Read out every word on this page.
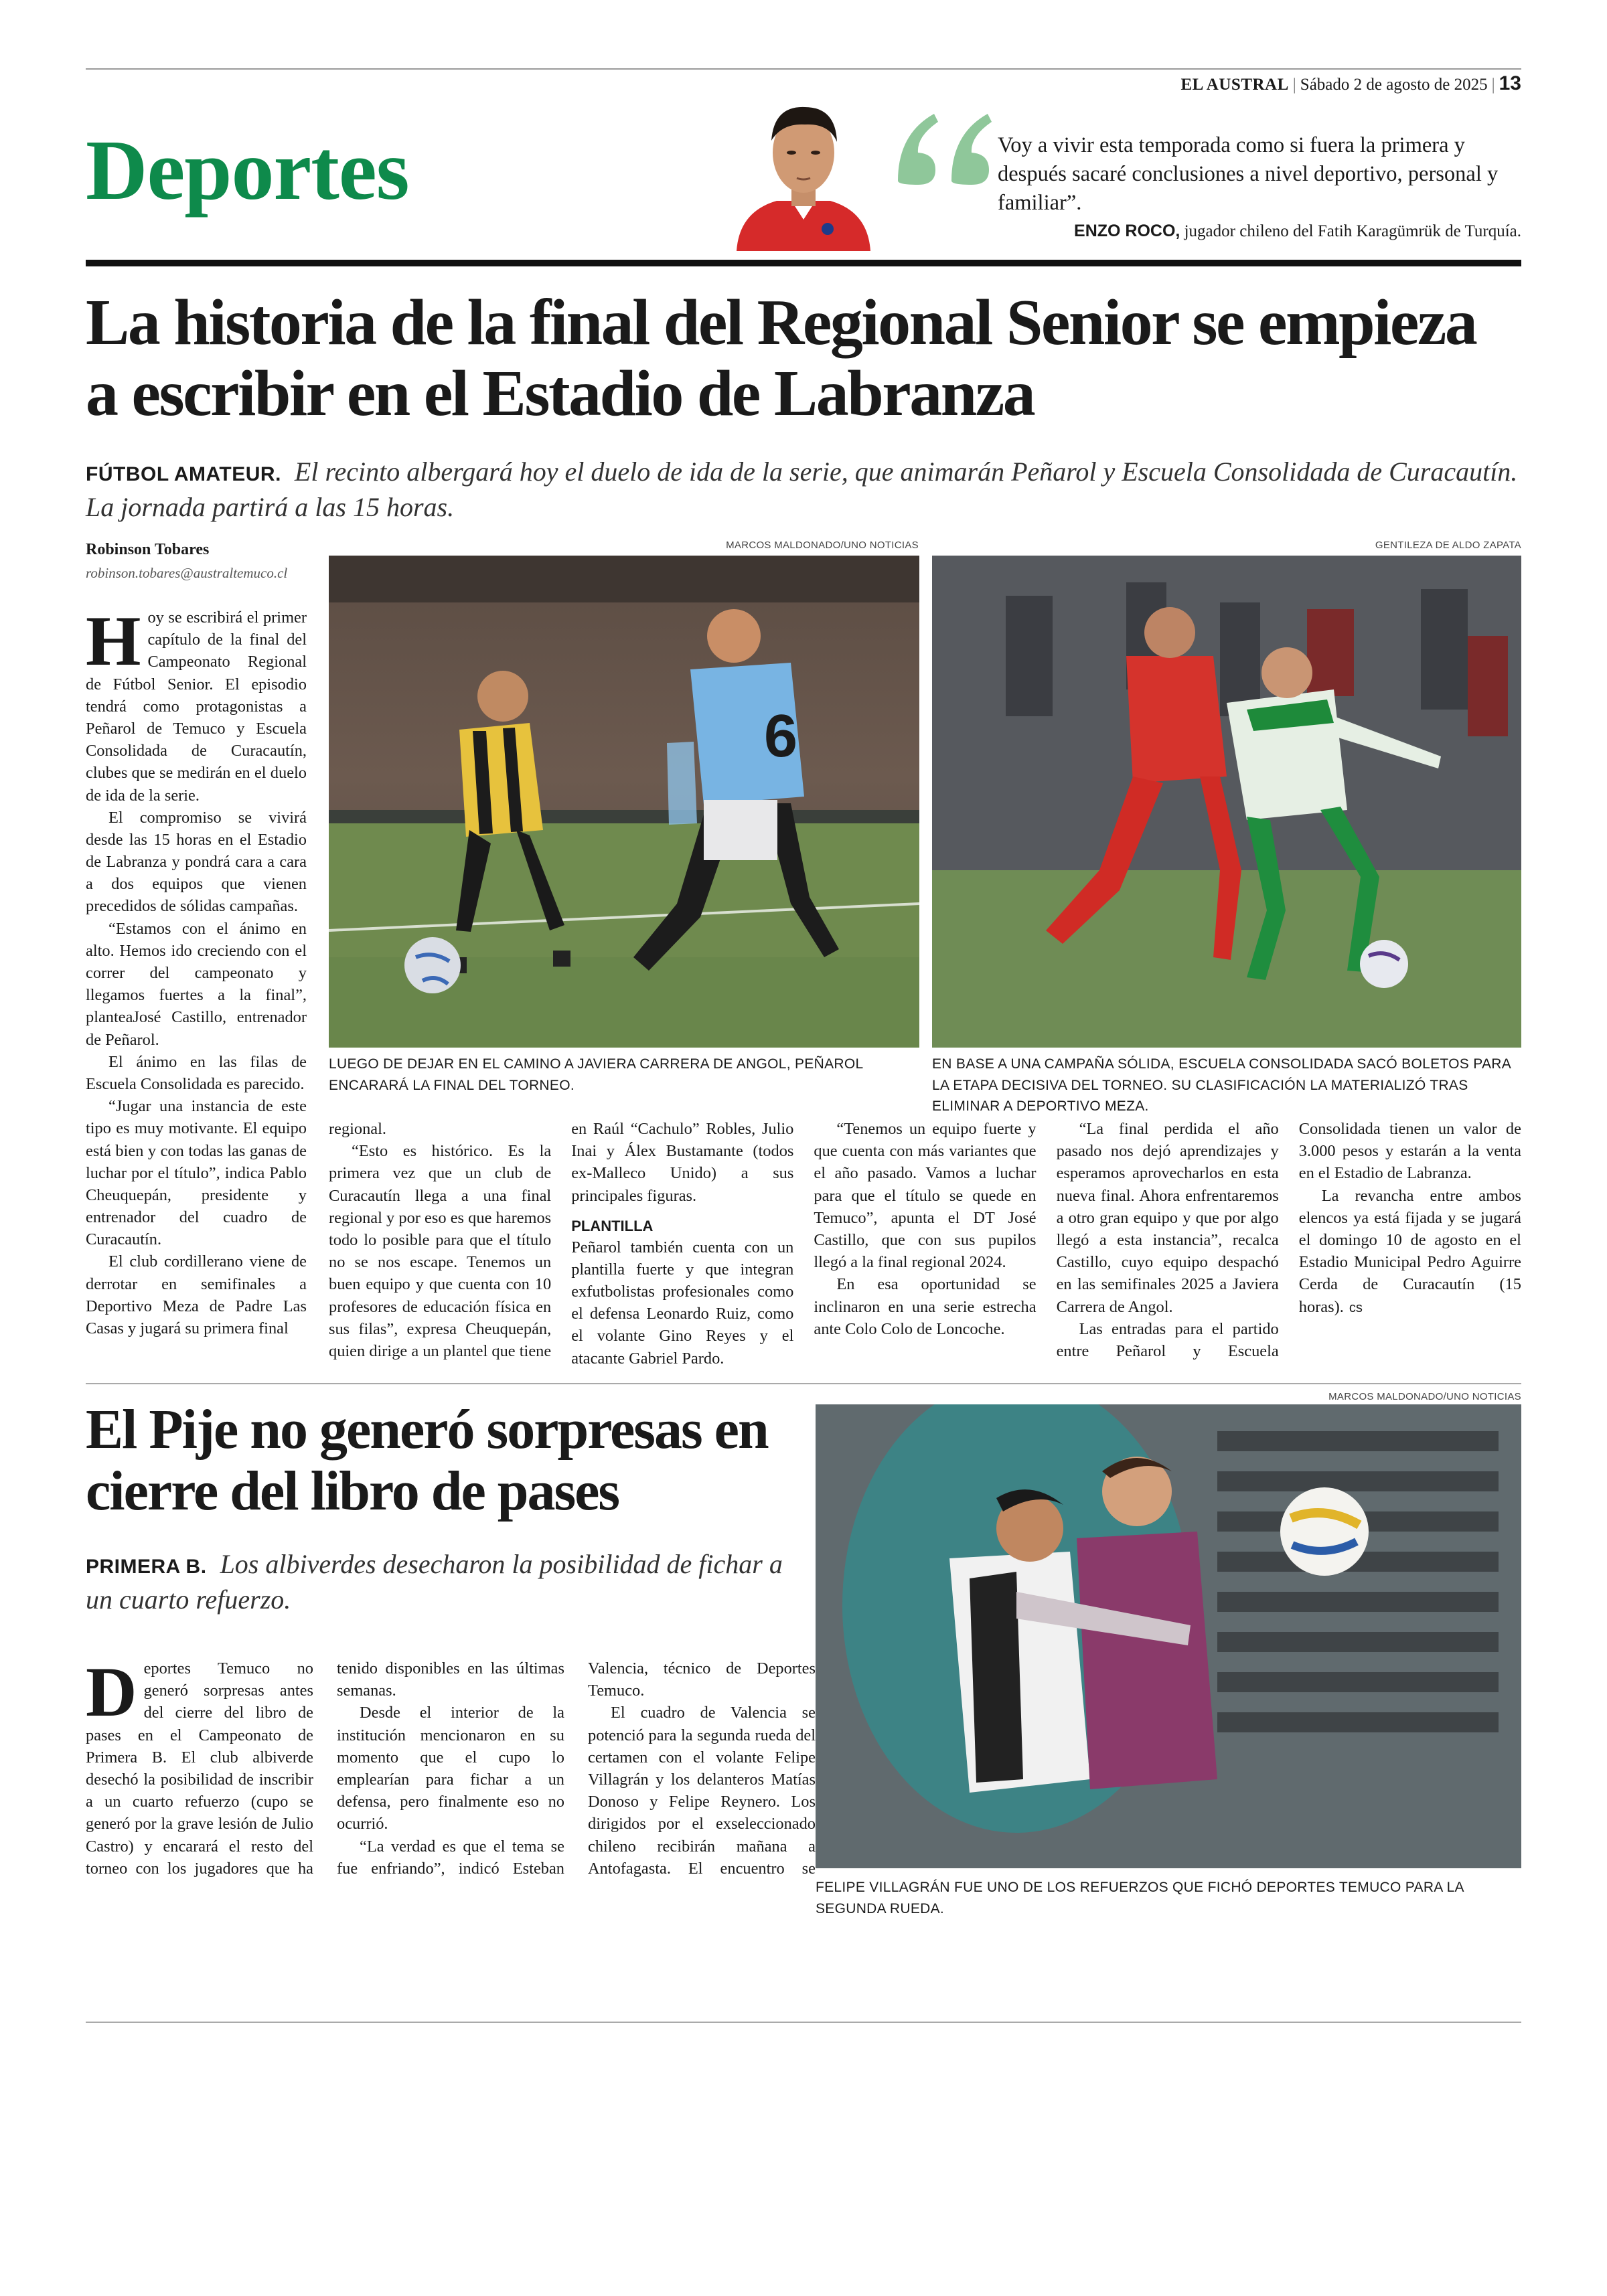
EL AUSTRAL | Sábado 2 de agosto de 2025 | 13
Deportes	Voy a vivir esta temporada como si fuera la primera y después sacaré conclusiones a nivel deportivo, personal y familiar”.
ENZO ROCO, jugador chileno del Fatih Karagümrük de Turquía.
La historia de la final del Regional Senior se empieza a escribir en el Estadio de Labranza
FÚTBOL AMATEUR. El recinto albergará hoy el duelo de ida de la serie, que animarán Peñarol y Escuela Consolidada de Curacautín. La jornada partirá a las 15 horas.
Robinson Tobares
robinson.tobares@australtemuco.cl
MARCOS MALDONADO/UNO NOTICIAS
6
LUEGO DE DEJAR EN EL CAMINO A JAVIERA CARRERA DE ANGOL, PEÑAROL ENCARARÁ LA FINAL DEL TORNEO.
GENTILEZA DE ALDO ZAPATA
EN BASE A UNA CAMPAÑA SÓLIDA, ESCUELA CONSOLIDADA SACÓ BOLETOS PARA LA ETAPA DECISIVA DEL TORNEO. SU CLASIFICACIÓN LA MATERIALIZÓ TRAS ELIMINAR A DEPORTIVO MEZA.

Hoy se escribirá el primer capítulo de la final del Campeonato Regional de Fútbol Senior. El episodio tendrá como protagonistas a Peñarol de Temuco y Escuela Consolidada de Curacautín, clubes que se medirán en el duelo de ida de la serie.

El compromiso se vivirá desde las 15 horas en el Estadio de Labranza y pondrá cara a cara a dos equipos que vienen precedidos de sólidas campañas.

“Estamos con el ánimo en alto. Hemos ido creciendo con el correr del campeonato y llegamos fuertes a la final”, planteaJosé Castillo, entrenador de Peñarol.

El ánimo en las filas de Escuela Consolidada es parecido.

“Jugar una instancia de este tipo es muy motivante. El equipo está bien y con todas las ganas de luchar por el título”, indica Pablo Cheuquepán, presidente y entrenador del cuadro de Curacautín.

El club cordillerano viene de derrotar en semifinales a Deportivo Meza de Padre Las Casas y jugará su primera final

regional.

“Esto es histórico. Es la primera vez que un club de Curacautín llega a una final regional y por eso es que haremos todo lo posible para que el título no se nos escape. Tenemos un buen equipo y que cuenta con 10 profesores de educación física en sus filas”, expresa Cheuquepán, quien dirige a un plantel que tiene en Raúl “Cachulo” Robles, Julio Inai y Álex Bustamante (todos ex-Malleco Unido) a sus principales figuras.

PLANTILLA

Peñarol también cuenta con un plantilla fuerte y que integran exfutbolistas profesionales como el defensa Leonardo Ruiz, como el volante Gino Reyes y el atacante Gabriel Pardo.

“Tenemos un equipo fuerte y que cuenta con más variantes que el año pasado. Vamos a luchar para que el título se quede en Temuco”, apunta el DT José Castillo, que con sus pupilos llegó a la final regional 2024.

En esa oportunidad se inclinaron en una serie estrecha ante Colo Colo de Loncoche.

“La final perdida el año pasado nos dejó aprendizajes y esperamos aprovecharlos en esta nueva final. Ahora enfrentaremos a otro gran equipo y que por algo llegó a esta instancia”, recalca Castillo, cuyo equipo despachó en las semifinales 2025 a Javiera Carrera de Angol.

Las entradas para el partido entre Peñarol y Escuela Consolidada tienen un valor de 3.000 pesos y estarán a la venta en el Estadio de Labranza.

La revancha entre ambos elencos ya está fijada y se jugará el domingo 10 de agosto en el Estadio Municipal Pedro Aguirre Cerda de Curacautín (15 horas). cs

El Pije no generó sorpresas en cierre del libro de pases
PRIMERA B. Los albiverdes desecharon la posibilidad de fichar a un cuarto refuerzo.

Deportes Temuco no generó sorpresas antes del cierre del libro de pases en el Campeonato de Primera B. El club albiverde desechó la posibilidad de inscribir a un cuarto refuerzo (cupo se generó por la grave lesión de Julio Castro) y encarará el resto del torneo con los jugadores que ha tenido disponibles en las últimas semanas.

Desde el interior de la institución mencionaron en su momento que el cupo lo emplearían para fichar a un defensa, pero finalmente eso no ocurrió.

“La verdad es que el tema se fue enfriando”, indicó Esteban Valencia, técnico de Deportes Temuco.

El cuadro de Valencia se potenció para la segunda rueda del certamen con el volante Felipe Villagrán y los delanteros Matías Donoso y Felipe Reynero. Los dirigidos por el exseleccionado chileno recibirán mañana a Antofagasta. El encuentro se

MARCOS MALDONADO/UNO NOTICIAS
FELIPE VILLAGRÁN FUE UNO DE LOS REFUERZOS QUE FICHÓ DEPORTES TEMUCO PARA LA SEGUNDA RUEDA.
